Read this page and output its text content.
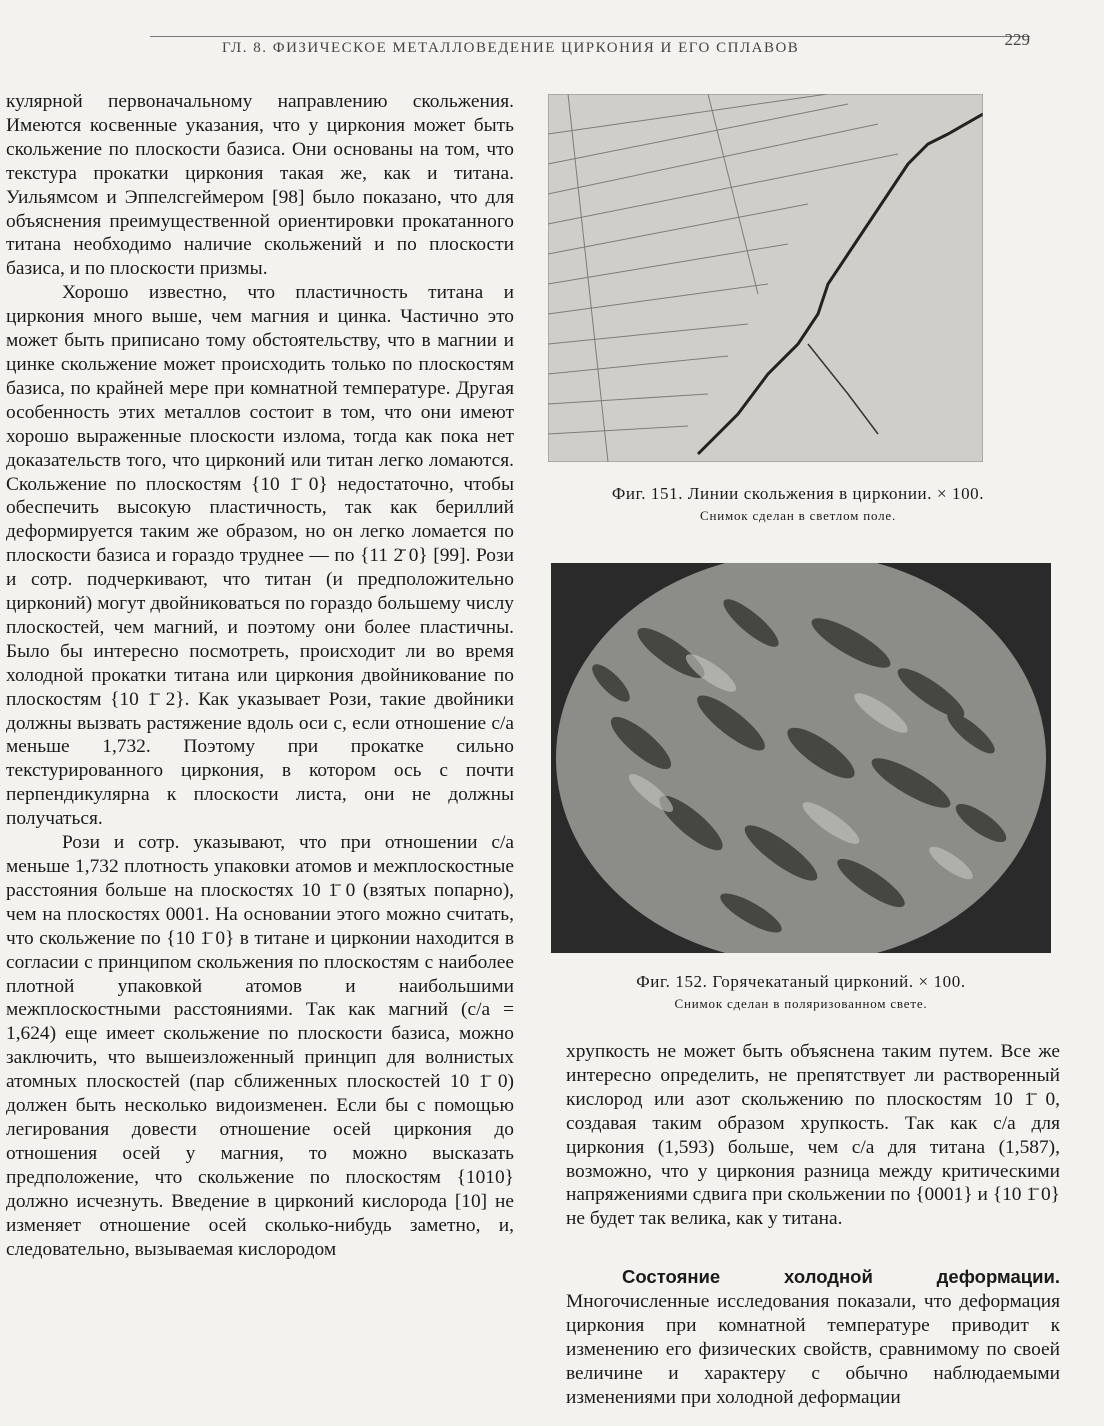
ГЛ. 8. ФИЗИЧЕСКОЕ МЕТАЛЛОВЕДЕНИЕ ЦИРКОНИЯ И ЕГО СПЛАВОВ	229

кулярной первоначальному направлению скольжения. Имеются косвенные указания, что у циркония может быть скольжение по плоскости базиса. Они основаны на том, что текстура прокатки циркония такая же, как и титана. Уильямсом и Эппелсгеймером [98] было показано, что для объяснения преимущественной ориентировки прокатанного титана необходимо наличие скольжений и по плоскости базиса, и по плоскости призмы.

Хорошо известно, что пластичность титана и циркония много выше, чем магния и цинка. Частично это может быть приписано тому обстоятельству, что в магнии и цинке скольжение может происходить только по плоскостям базиса, по крайней мере при комнатной температуре. Другая особенность этих металлов состоит в том, что они имеют хорошо выраженные плоскости излома, тогда как пока нет доказательств того, что цирконий или титан легко ломаются. Скольжение по плоскостям {10 1̄ 0} недостаточно, чтобы обеспечить высокую пластичность, так как бериллий деформируется таким же образом, но он легко ломается по плоскости базиса и гораздо труднее — по {11 2̄ 0} [99]. Рози и сотр. подчеркивают, что титан (и предположительно цирконий) могут двойниковаться по гораздо большему числу плоскостей, чем магний, и поэтому они более пластичны. Было бы интересно посмотреть, происходит ли во время холодной прокатки титана или циркония двойникование по плоскостям {10 1̄ 2}. Как указывает Рози, такие двойники должны вызвать растяжение вдоль оси c, если отношение c/a меньше 1,732. Поэтому при прокатке сильно текстурированного циркония, в котором ось c почти перпендикулярна к плоскости листа, они не должны получаться.

Рози и сотр. указывают, что при отношении c/a меньше 1,732 плотность упаковки атомов и межплоскостные расстояния больше на плоскостях 10 1̄ 0 (взятых попарно), чем на плоскостях 0001. На основании этого можно считать, что скольжение по {10 1̄ 0} в титане и цирконии находится в согласии с принципом скольжения по плоскостям с наиболее плотной упаковкой атомов и наибольшими межплоскостными расстояниями. Так как магний (c/a = 1,624) еще имеет скольжение по плоскости базиса, можно заключить, что вышеизложенный принцип для волнистых атомных плоскостей (пар сближенных плоскостей 10 1̄ 0) должен быть несколько видоизменен. Если бы с помощью легирования довести отношение осей циркония до отношения осей у магния, то можно высказать предположение, что скольжение по плоскостям {1010} должно исчезнуть. Введение в цирконий кислорода [10] не изменяет отношение осей сколько-нибудь заметно, и, следовательно, вызываемая кислородом

Фиг. 151. Линии скольжения в цирконии. × 100.
Снимок сделан в светлом поле.
Фиг. 152. Горячекатаный цирконий. × 100.
Снимок сделан в поляризованном свете.

хрупкость не может быть объяснена таким путем. Все же интересно определить, не препятствует ли растворенный кислород или азот скольжению по плоскостям 10 1̄ 0, создавая таким образом хрупкость. Так как c/a для циркония (1,593) больше, чем c/a для титана (1,587), возможно, что у циркония разница между критическими напряжениями сдвига при скольжении по {0001} и {10 1̄ 0} не будет так велика, как у титана.

Состояние холодной деформации. Многочисленные исследования показали, что деформация циркония при комнатной температуре приводит к изменению его физических свойств, сравнимому по своей величине и характеру с обычно наблюдаемыми изменениями при холодной деформации
